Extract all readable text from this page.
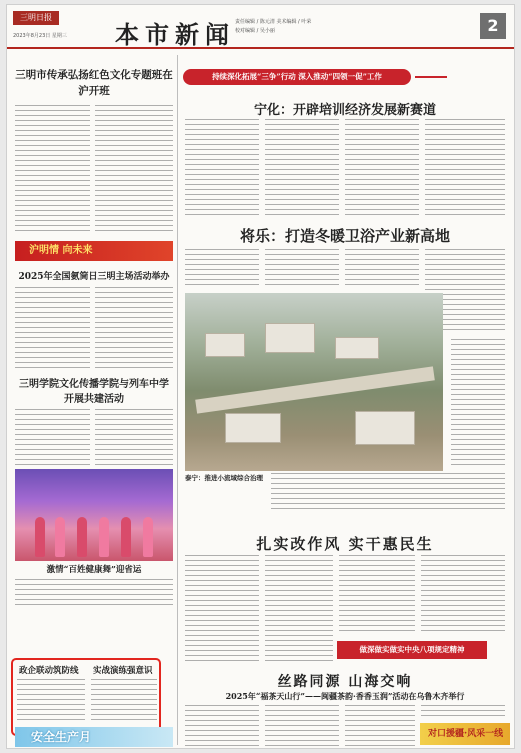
三明日报
2023年8月23日 星期三 本市新闻 责任编辑 / 陈元清 美术编辑 / 叶荣
校对编辑 / 吴小丽	2
三明市传承弘扬红色文化专题班在沪开班
沪明情 向未来
2025年全国氨筒日三明主场活动举办
三明学院文化传播学院与列车中学开展共建活动
激情“百姓健康舞”迎省运
政企联动筑防线 实战演练强意识
安全生产月
持续深化拓展“三争”行动 深入推动“四领一促”工作
宁化：开辟培训经济发展新赛道
将乐：打造冬暖卫浴产业新高地
泰宁：推进小流域综合治理
扎实改作风 实干惠民生
做深做实做实中央八项规定精神
丝路同源 山海交响
2025年“福茶天山行”——闽疆茶韵·香香玉润”活动在乌鲁木齐举行
对口援疆·风采一线
